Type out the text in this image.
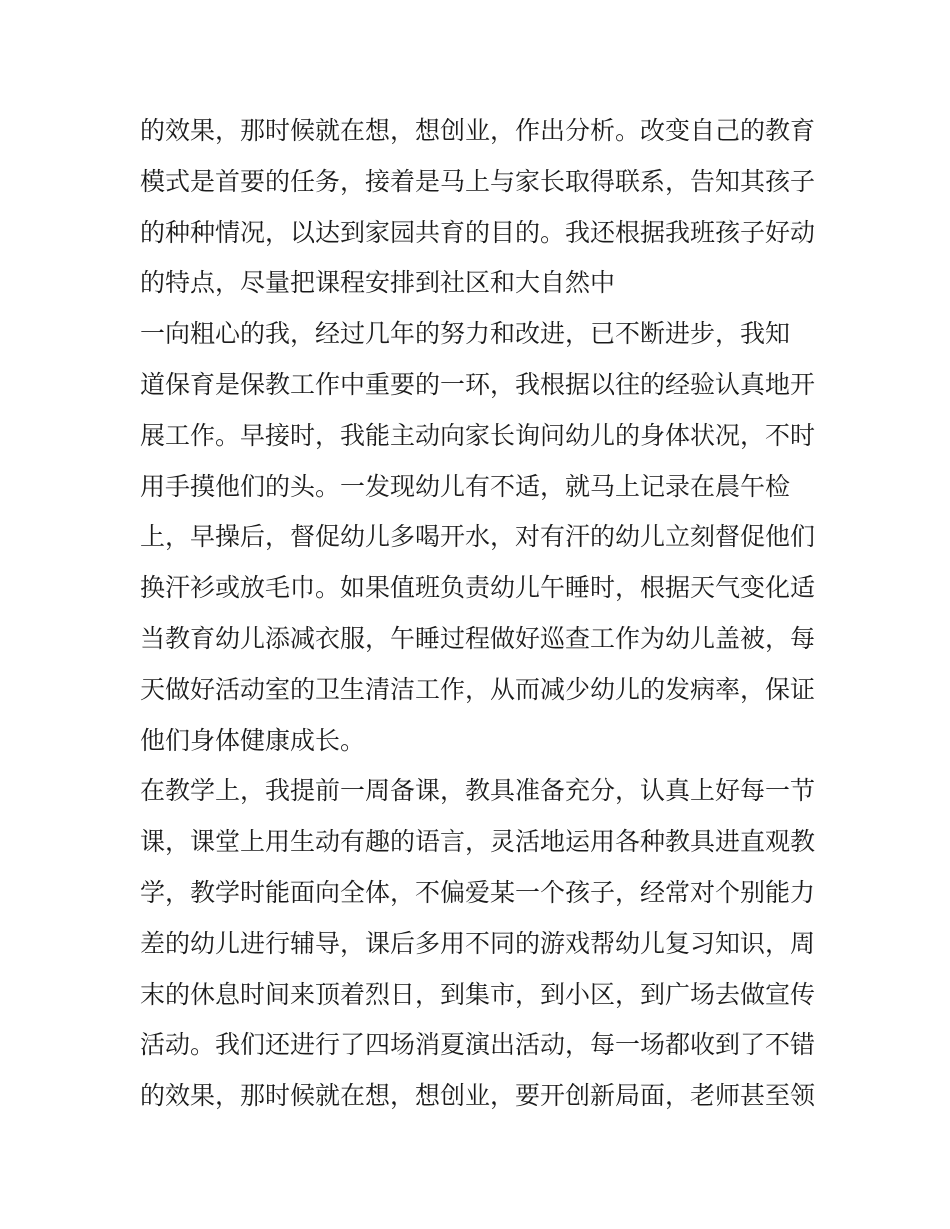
的效果，那时候就在想，想创业，作出分析。改变自己的教育
模式是首要的任务，接着是马上与家长取得联系，告知其孩子
的种种情况，以达到家园共育的目的。我还根据我班孩子好动
的特点，尽量把课程安排到社区和大自然中
一向粗心的我，经过几年的努力和改进，已不断进步，我知
道保育是保教工作中重要的一环，我根据以往的经验认真地开
展工作。早接时，我能主动向家长询问幼儿的身体状况，不时
用手摸他们的头。一发现幼儿有不适，就马上记录在晨午检
上，早操后，督促幼儿多喝开水，对有汗的幼儿立刻督促他们
换汗衫或放毛巾。如果值班负责幼儿午睡时，根据天气变化适
当教育幼儿添减衣服，午睡过程做好巡查工作为幼儿盖被，每
天做好活动室的卫生清洁工作，从而减少幼儿的发病率，保证
他们身体健康成长。
在教学上，我提前一周备课，教具准备充分，认真上好每一节
课，课堂上用生动有趣的语言，灵活地运用各种教具进直观教
学，教学时能面向全体，不偏爱某一个孩子，经常对个别能力
差的幼儿进行辅导，课后多用不同的游戏帮幼儿复习知识，周
末的休息时间来顶着烈日，到集市，到小区，到广场去做宣传
活动。我们还进行了四场消夏演出活动，每一场都收到了不错
的效果，那时候就在想，想创业，要开创新局面，老师甚至领
